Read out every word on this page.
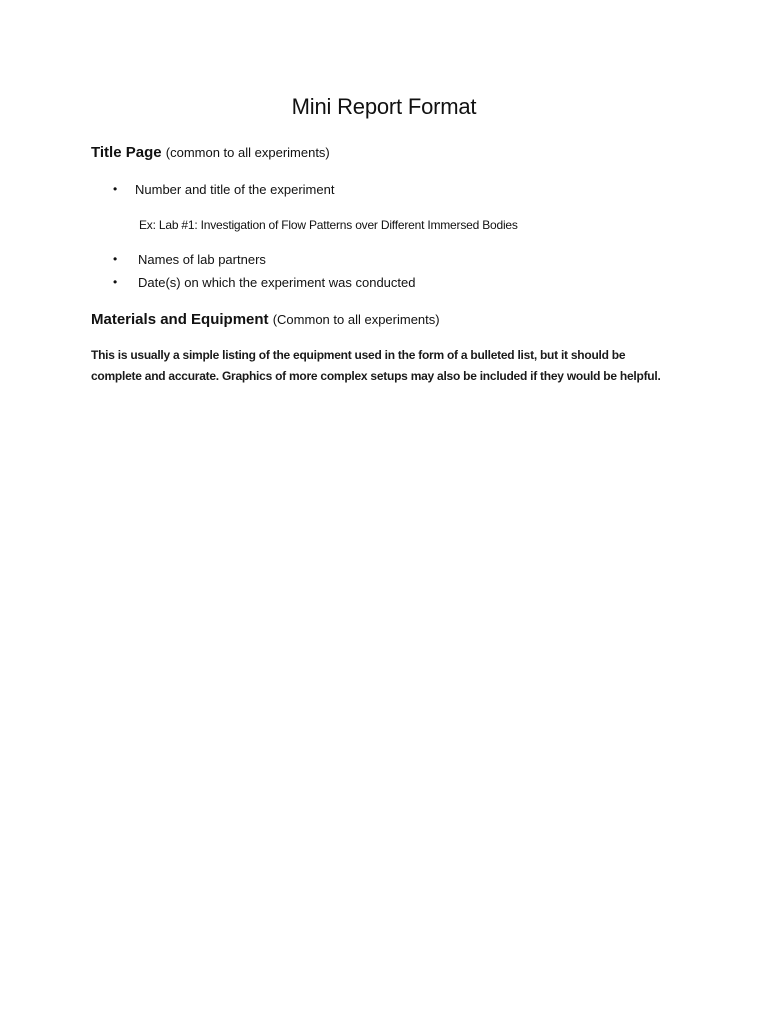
Mini Report Format
Title Page (common to all experiments)
• Number and title of the experiment
Ex: Lab #1: Investigation of Flow Patterns over Different Immersed Bodies
• Names of lab partners
• Date(s) on which the experiment was conducted
Materials and Equipment (Common to all experiments)

This is usually a simple listing of the equipment used in the form of a bulleted list, but it should be
complete and accurate. Graphics of more complex setups may also be included if they would be helpful.
